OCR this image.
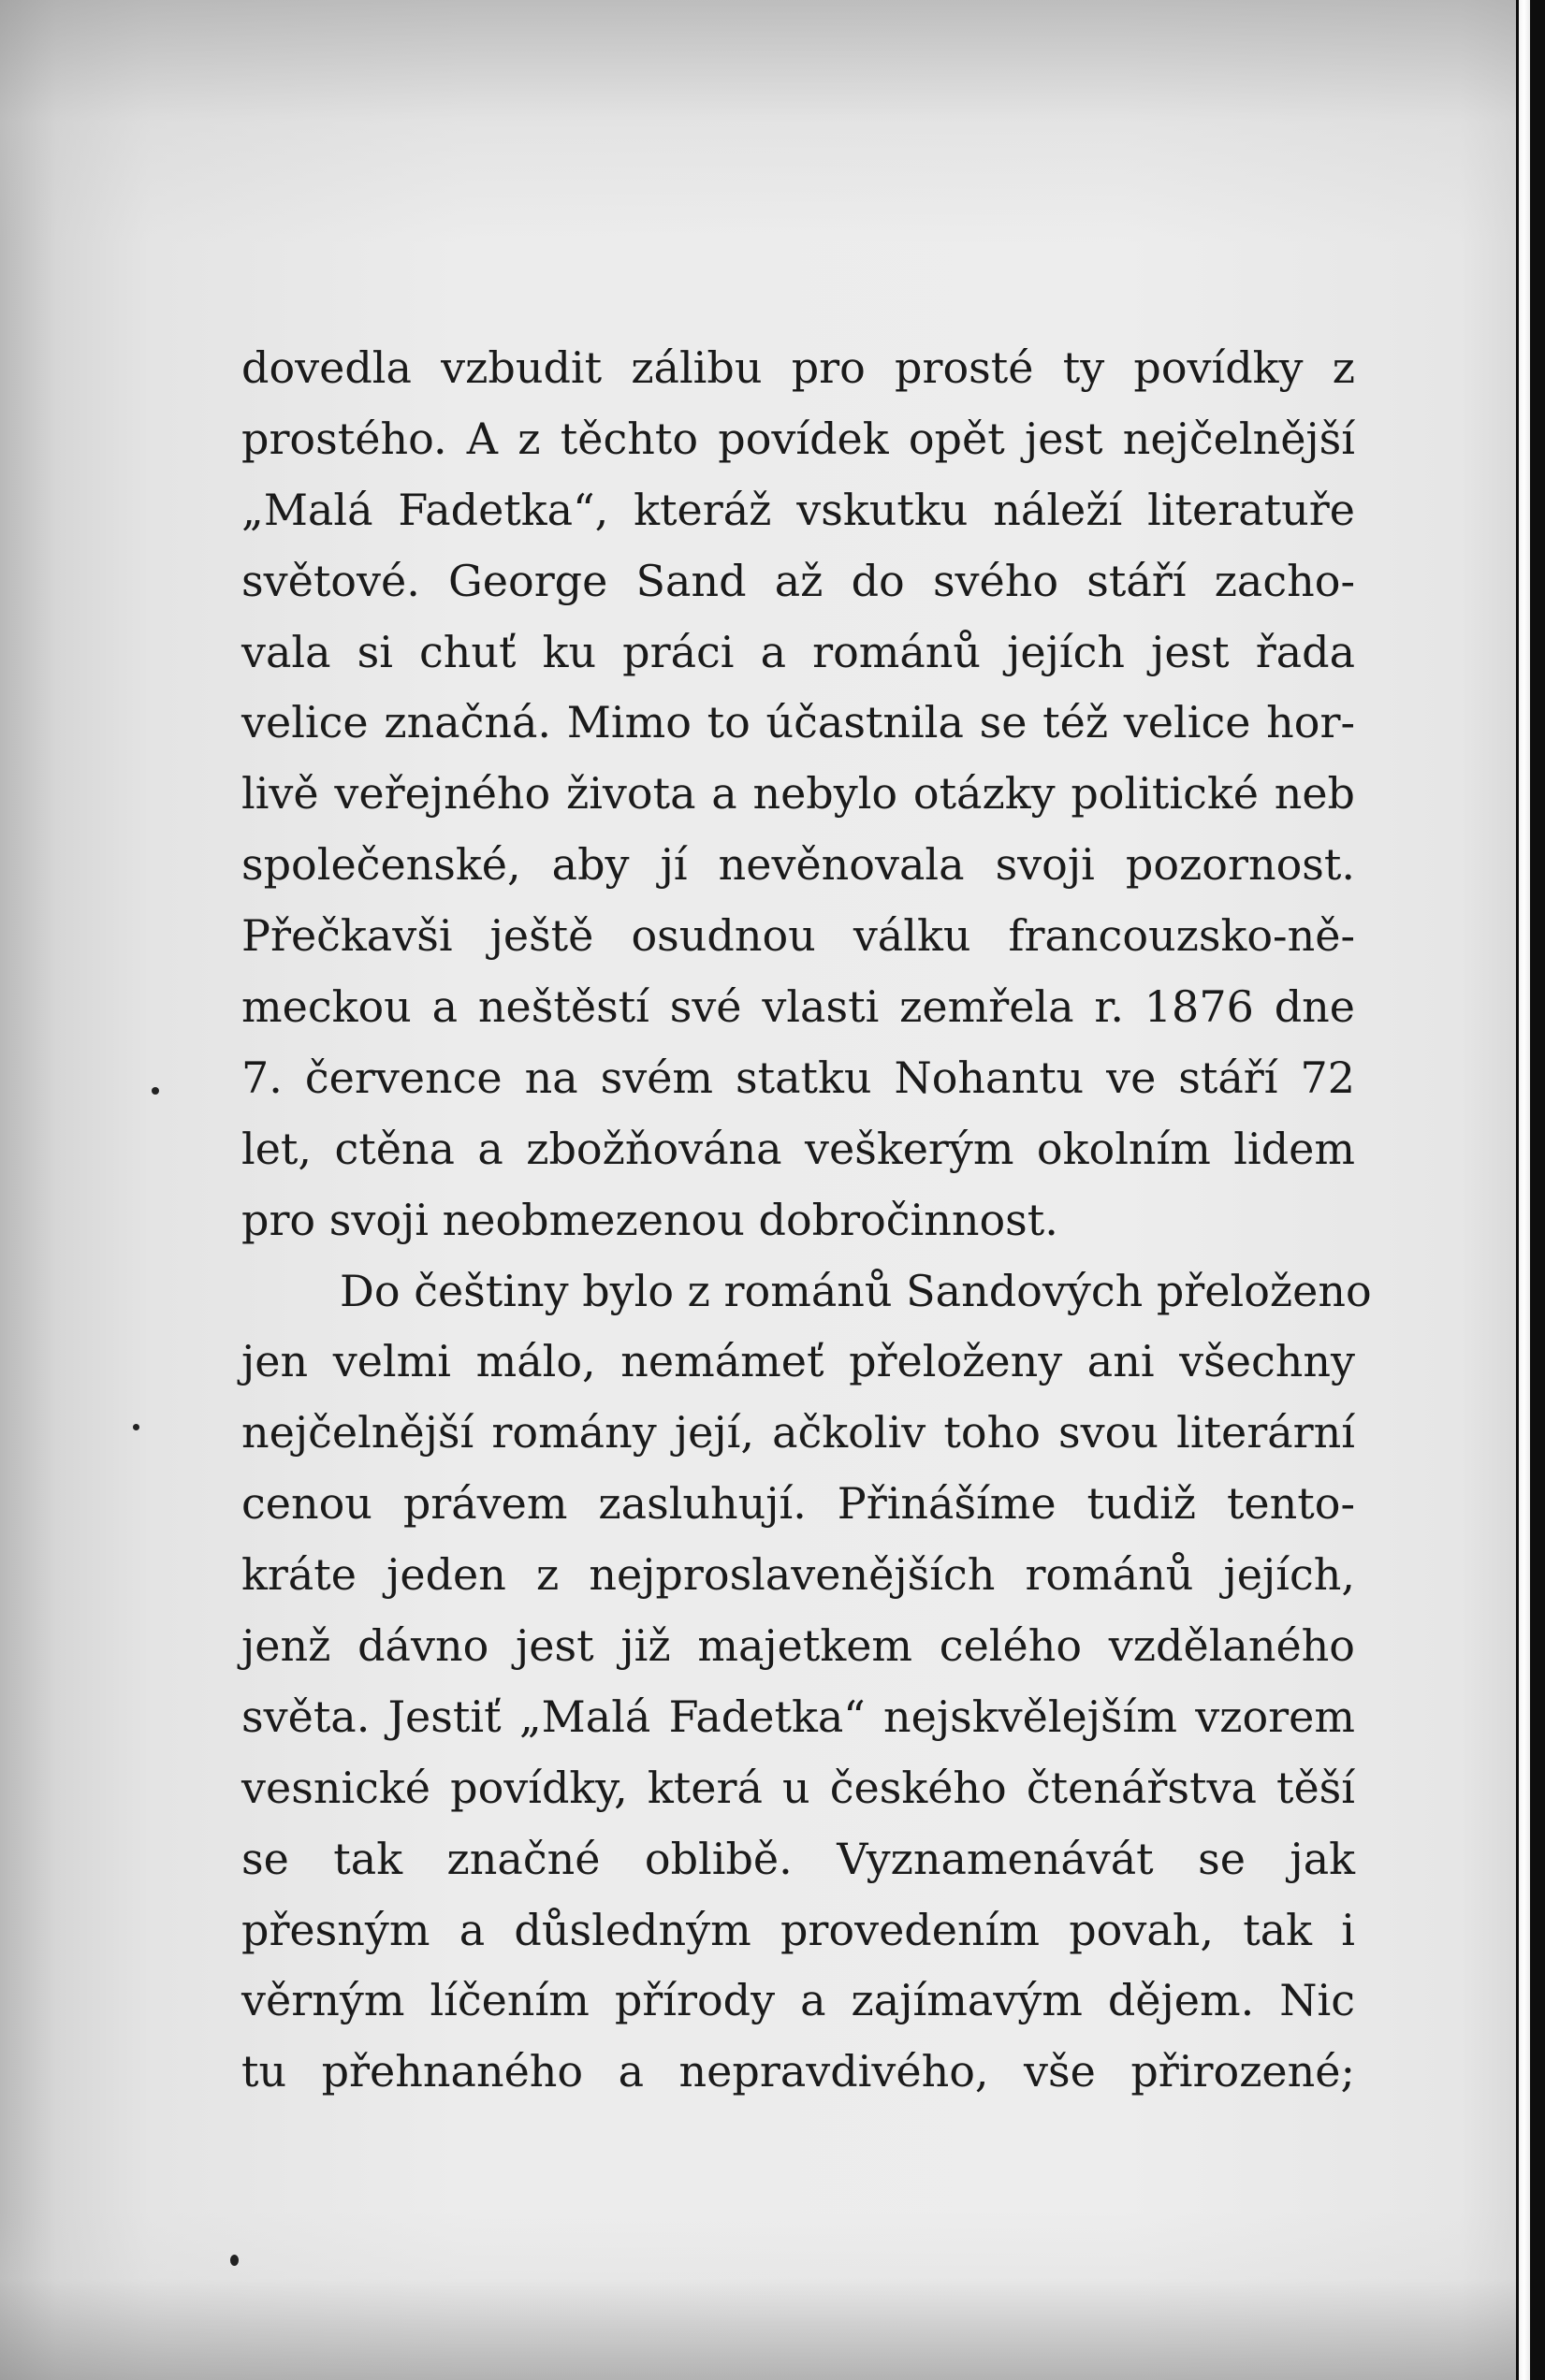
dovedla vzbudit zálibu pro prosté ty povídky z
prostého. A z těchto povídek opět jest nejčelnější
„Malá Fadetka“, kteráž vskutku náleží literatuře
světové. George Sand až do svého stáří zacho-
vala si chuť ku práci a románů jejích jest řada
velice značná. Mimo to účastnila se též velice hor-
livě veřejného života a nebylo otázky politické neb
společenské, aby jí nevěnovala svoji pozornost.
Přečkavši ještě osudnou válku francouzsko-ně-
meckou a neštěstí své vlasti zemřela r. 1876 dne
7. července na svém statku Nohantu ve stáří 72
let, ctěna a zbožňována veškerým okolním lidem
pro svoji neobmezenou dobročinnost.
Do češtiny bylo z románů Sandových přeloženo
jen velmi málo, nemámeť přeloženy ani všechny
nejčelnější romány její, ačkoliv toho svou literární
cenou právem zasluhují. Přinášíme tudiž tento-
kráte jeden z nejproslavenějších románů jejích,
jenž dávno jest již majetkem celého vzdělaného
světa. Jestiť „Malá Fadetka“ nejskvělejším vzorem
vesnické povídky, která u českého čtenářstva těší
se tak značné oblibě. Vyznamenávát se jak
přesným a důsledným provedením povah, tak i
věrným líčením přírody a zajímavým dějem. Nic
tu přehnaného a nepravdivého, vše přirozené;
